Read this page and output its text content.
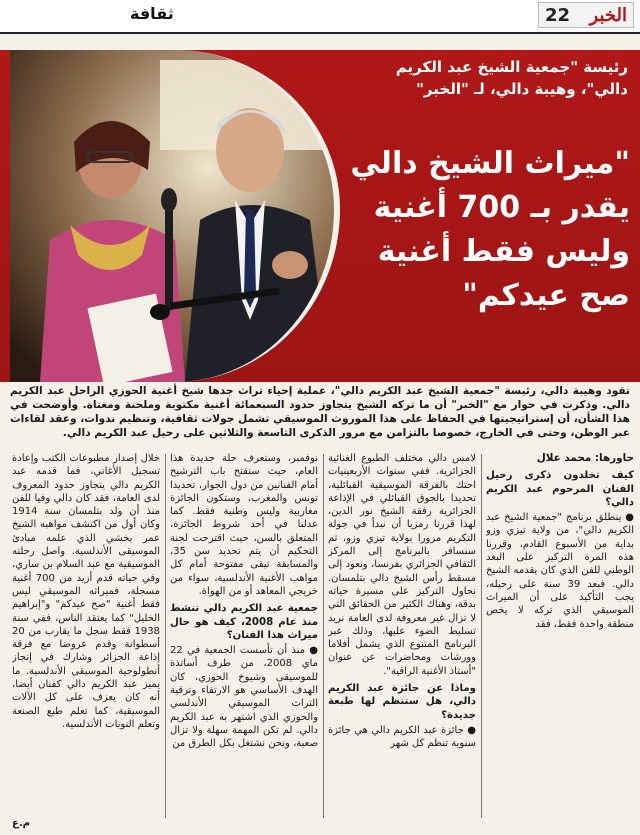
الخبر
22
ثقافة
رئيسة "جمعية الشيخ عبد الكريم دالي"، وهيبة دالي، لـ "الخبر"
"ميراث الشيخ دالي يقدر بـ 700 أغنية وليس فقط أغنية صح عيدكم"
تقود وهيبة دالي، رئيسة "جمعية الشيخ عبد الكريم دالي"، عملية إحياء تراث جدها شيخ أغنية الحوزي الراحل عبد الكريم دالي. وذكرت في حوار مع "الخبر" أن ما تركه الشيخ يتجاوز حدود السبعمائة أغنية مكتوبة وملحنة ومغناة. وأوضحت في هذا الشأن، أن إستراتيجيتها في الحفاظ على هذا الموروث الموسيقي تشمل جولات ثقافية، وتنظيم ندوات، وعقد لقاءات عبر الوطن، وحتى في الخارج، خصوصا بالتزامن مع مرور الذكرى التاسعة والثلاثين على رحيل عبد الكريم دالي.
حاورها: محمد علال
كيف تخلدون ذكرى رحيل الفنان المرحوم عبد الكريم دالي؟

● ينطلق برنامج "جمعية الشيخ عبد الكريم دالي"، من ولاية تيزي وزو بداية من الأسبوع القادم، وقررنا هذه المرة التركيز على البعد الوطني للفن الذي كان يقدمه الشيخ دالي. فبعد 39 سنة على رحيله، يجب التأكيد على أن الميراث الموسيقي الذي تركه لا يخص منطقة واحدة فقط، فقد

لامس دالي مختلف الطبوع الغنائية الجزائرية. ففي سنوات الأربعينيات احتك بالفرقة الموسيقية القبائلية، تحديدا بالجوق القبائلي في الإذاعة الجزائرية رفقة الشيخ نور الدين، لهذا قررنا رمزيا أن نبدأ في جولة التكريم مرورا بولاية تيزي وزو، ثم سنسافر بالبرنامج إلى المركز الثقافي الجزائري بفرنسا، ونعود إلى مسقط رأس الشيخ دالي بتلمسان. نحاول التركيز على مسيرة حياته بدقة، وهناك الكثير من الحقائق التي لا تزال غير معروفة لدى العامة نريد تسليط الضوء عليها، وذلك عبر البرنامج المتنوع الذي يشمل أفلاما وورشات ومحاضرات عن عنوان "أستاذ الأغنية الراقية".

وماذا عن جائزة عبد الكريم دالي، هل ستنظم لها طبعة جديدة؟

● جائزة عبد الكريم دالي هي جائزة سنوية تنظم كل شهر

نوفمبر، وستعرف حلة جديدة هذا العام، حيث سنفتح باب الترشيح أمام الفنانين من دول الجوار، تحديدا تونس والمغرب، وستكون الجائزة مغاربية وليس وطنية فقط. كما عدلنا في أحد شروط الجائزة، المتعلق بالسن، حيث اقترحت لجنة التحكيم أن يتم تحديد سن 35، والمسابقة تبقى مفتوحة أمام كل مواهب الأغنية الأندلسية، سواء من خريجي المعاهد أو من الهواة.

جمعية عبد الكريم دالي تنشط منذ عام 2008، كيف هو حال ميراث هذا الفنان؟

● منذ أن تأسست الجمعية في 22 ماي 2008، من طرف أساتذة للموسيقى وشيوخ الحوزي، كان الهدف الأساسي هو الارتقاء وترقية التراث الموسيقي الأندلسي والحوزي الذي اشتهر به عبد الكريم دالي. لم تكن المهمة سهلة ولا تزال صعبة، ونحن نشتغل بكل الطرق من

خلال إصدار مطبوعات الكتب وإعادة تسجيل الأغاني، فما قدمه عبد الكريم دالي يتجاوز حدود المعروف لدى العامة، فقد كان دالي وفيا للفن منذ أن ولد بتلمسان سنة 1914 وكان أول من اكتشف مواهبه الشيخ عمر بخشي الذي علمه مبادئ الموسيقى الأندلسية. واصل رحلته الموسيقية مع عبد السلام بن ساري، وفي حياته قدم أزيد من 700 أغنية مسجلة، فميراثه الموسيقي ليس فقط أغنية "صح عيدكم" و"إبراهيم الخليل" كما يعتقد الناس، ففي سنة 1938 فقط سجل ما يقارب من 20 أسطوانة وقدم عروضا مع فرقة إذاعة الجزائر وشارك في إنجاز أنطولوجية الموسيقى الأندلسية. ما يميز عبد الكريم دالي كفنان أيضا، أنه كان يعزف على كل الآلات الموسيقية، كما تعلم طبع الصنعة وتعلم النوبات الأندلسية.

م.ع
